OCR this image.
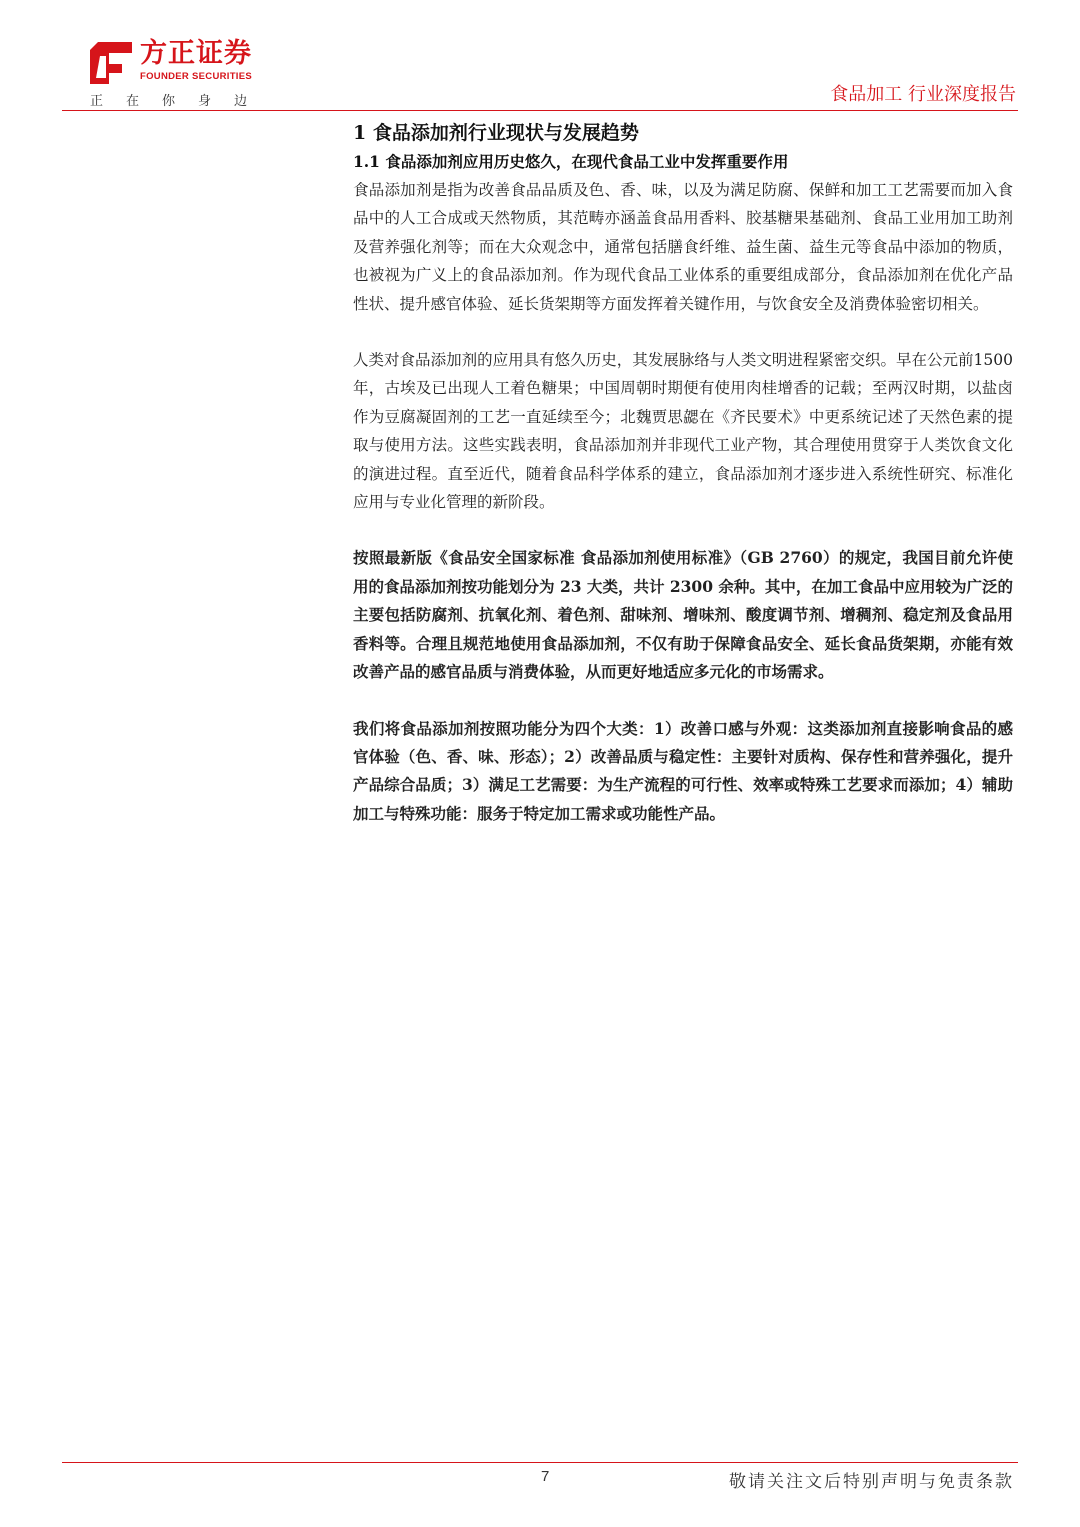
方正证券
FOUNDER SECURITIES
正在你身边	食品加工 行业深度报告
1 食品添加剂行业现状与发展趋势
1.1 食品添加剂应用历史悠久，在现代食品工业中发挥重要作用

食品添加剂是指为改善食品品质及色、香、味，以及为满足防腐、保鲜和加工工艺需要而加入食品中的人工合成或天然物质，其范畴亦涵盖食品用香料、胶基糖果基础剂、食品工业用加工助剂及营养强化剂等；而在大众观念中，通常包括膳食纤维、益生菌、益生元等食品中添加的物质，也被视为广义上的食品添加剂。作为现代食品工业体系的重要组成部分，食品添加剂在优化产品性状、提升感官体验、延长货架期等方面发挥着关键作用，与饮食安全及消费体验密切相关。

人类对食品添加剂的应用具有悠久历史，其发展脉络与人类文明进程紧密交织。早在公元前1500年，古埃及已出现人工着色糖果；中国周朝时期便有使用肉桂增香的记载；至两汉时期，以盐卤作为豆腐凝固剂的工艺一直延续至今；北魏贾思勰在《齐民要术》中更系统记述了天然色素的提取与使用方法。这些实践表明，食品添加剂并非现代工业产物，其合理使用贯穿于人类饮食文化的演进过程。直至近代，随着食品科学体系的建立，食品添加剂才逐步进入系统性研究、标准化应用与专业化管理的新阶段。

按照最新版《食品安全国家标准 食品添加剂使用标准》（GB 2760）的规定，我国目前允许使用的食品添加剂按功能划分为 23 大类，共计 2300 余种。其中，在加工食品中应用较为广泛的主要包括防腐剂、抗氧化剂、着色剂、甜味剂、增味剂、酸度调节剂、增稠剂、稳定剂及食品用香料等。合理且规范地使用食品添加剂，不仅有助于保障食品安全、延长食品货架期，亦能有效改善产品的感官品质与消费体验，从而更好地适应多元化的市场需求。

我们将食品添加剂按照功能分为四个大类：1）改善口感与外观：这类添加剂直接影响食品的感官体验（色、香、味、形态）；2）改善品质与稳定性：主要针对质构、保存性和营养强化，提升产品综合品质；3）满足工艺需要：为生产流程的可行性、效率或特殊工艺要求而添加；4）辅助加工与特殊功能：服务于特定加工需求或功能性产品。

7	敬请关注文后特别声明与免责条款
